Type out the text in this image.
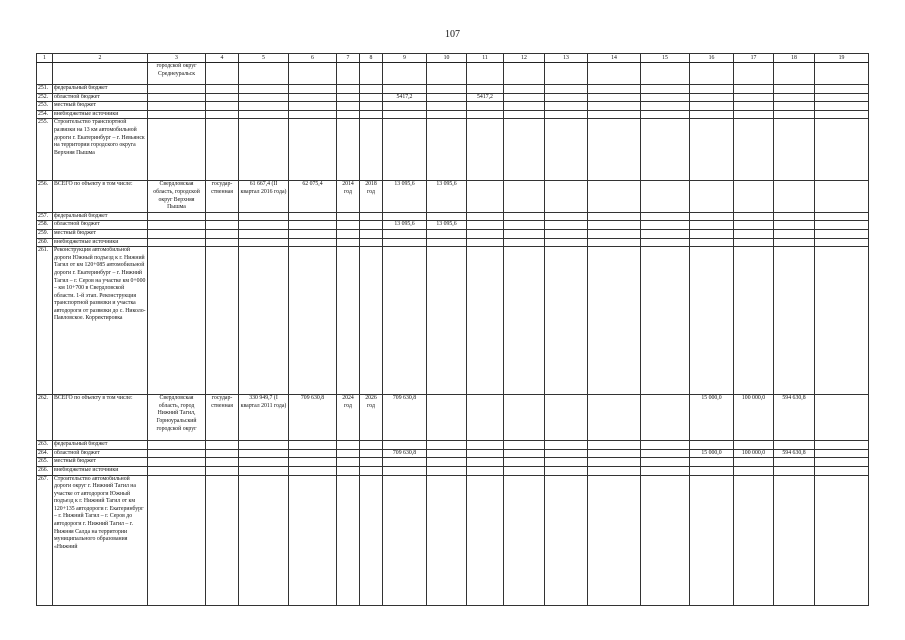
107
1	2	3	4	5	6	7	8	9	10	11	12	13	14	15	16	17	18	19
		городской округ Среднеуральск																
251.	федеральный бюджет																	
252.	областной бюджет							5417,2		5417,2								
253.	местный бюджет																	
254.	внебюджетные источники																	
255.	Строительство транспортной развязки на 13 км автомобильной дороги г. Екатеринбург – г. Невьянск на территории городского округа Верхняя Пышма																	
256.	ВСЕГО по объекту в том числе:	Свердловская область, городской округ Верхняя Пышма	государ-ственная	61 667,4 (II квартал 2016 года)	62 075,4	2014 год	2018 год	13 095,6	13 095,6									
257.	федеральный бюджет																	
258.	областной бюджет							13 095,6	13 095,6									
259.	местный бюджет																	
260.	внебюджетные источники																	
261.	Реконструкция автомобильной дороги Южный подъезд к г. Нижний Тагил от км 120+085 автомобильной дороги г. Екатеринбург – г. Нижний Тагил – г. Серов на участке км 0+000 – км 10+700 в Свердловской области. 1-й этап. Реконструкция транспортной развязки и участка автодороги от развязки до с. Николо-Павловское. Корректировка																	
262.	ВСЕГО по объекту в том числе:	Свердловская область, город Нижний Тагил, Горноуральский городской округ	государ-ственная	330 949,7 (I квартал 2011 года)	709 630,8	2024 год	2026 год	709 630,8							15 000,0	100 000,0	594 630,8	
263.	федеральный бюджет																	
264.	областной бюджет							709 630,8							15 000,0	100 000,0	594 630,8	
265.	местный бюджет																	
266.	внебюджетные источники																	
267.	Строительство автомобильной дороги округ г. Нижний Тагил на участке от автодороги Южный подъезд к г. Нижний Тагил от км 120+135 автодороги г. Екатеринбург – г. Нижний Тагил – г. Серов до автодороги г. Нижний Тагил – г. Нижняя Салда на территории муниципального образования «Нижний																	
